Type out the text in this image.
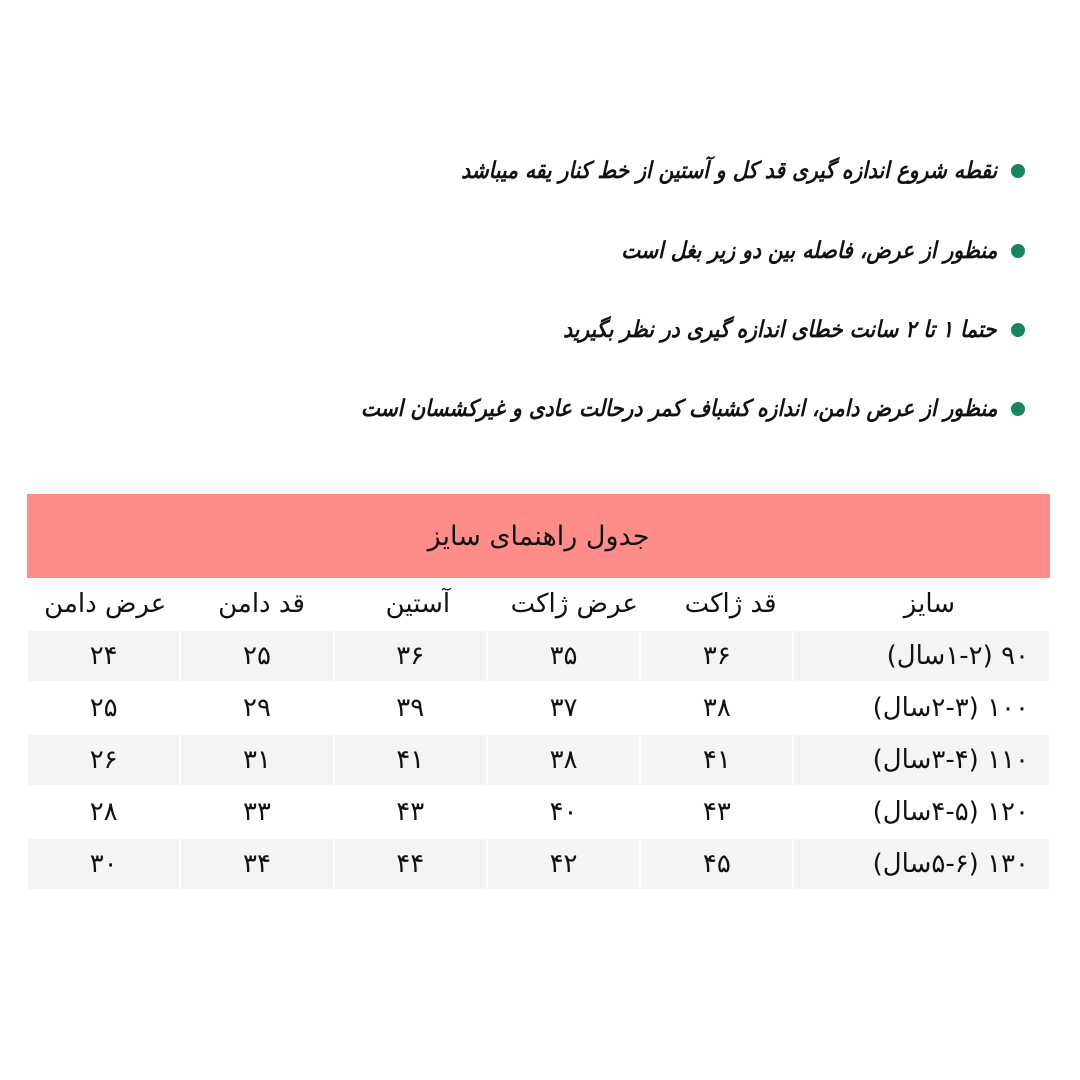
نقطه شروع اندازه گیری قد کل و آستین از خط کنار یقه میباشد
منظور از عرض، فاصله بین دو زیر بغل است
حتما ۱ تا ۲ سانت خطای اندازه گیری در نظر بگیرید
منظور از عرض دامن، اندازه کشباف کمر درحالت عادی و غیرکشسان است
جدول راهنمای سایز
سایز
قد ژاکت
عرض ژاکت
آستین
قد دامن
عرض دامن
۹۰ (۱-۲سال)
۳۶
۳۵
۳۶
۲۵
۲۴
۱۰۰ (۲-۳سال)
۳۸
۳۷
۳۹
۲۹
۲۵
۱۱۰ (۳-۴سال)
۴۱
۳۸
۴۱
۳۱
۲۶
۱۲۰ (۴-۵سال)
۴۳
۴۰
۴۳
۳۳
۲۸
۱۳۰ (۵-۶سال)
۴۵
۴۲
۴۴
۳۴
۳۰
